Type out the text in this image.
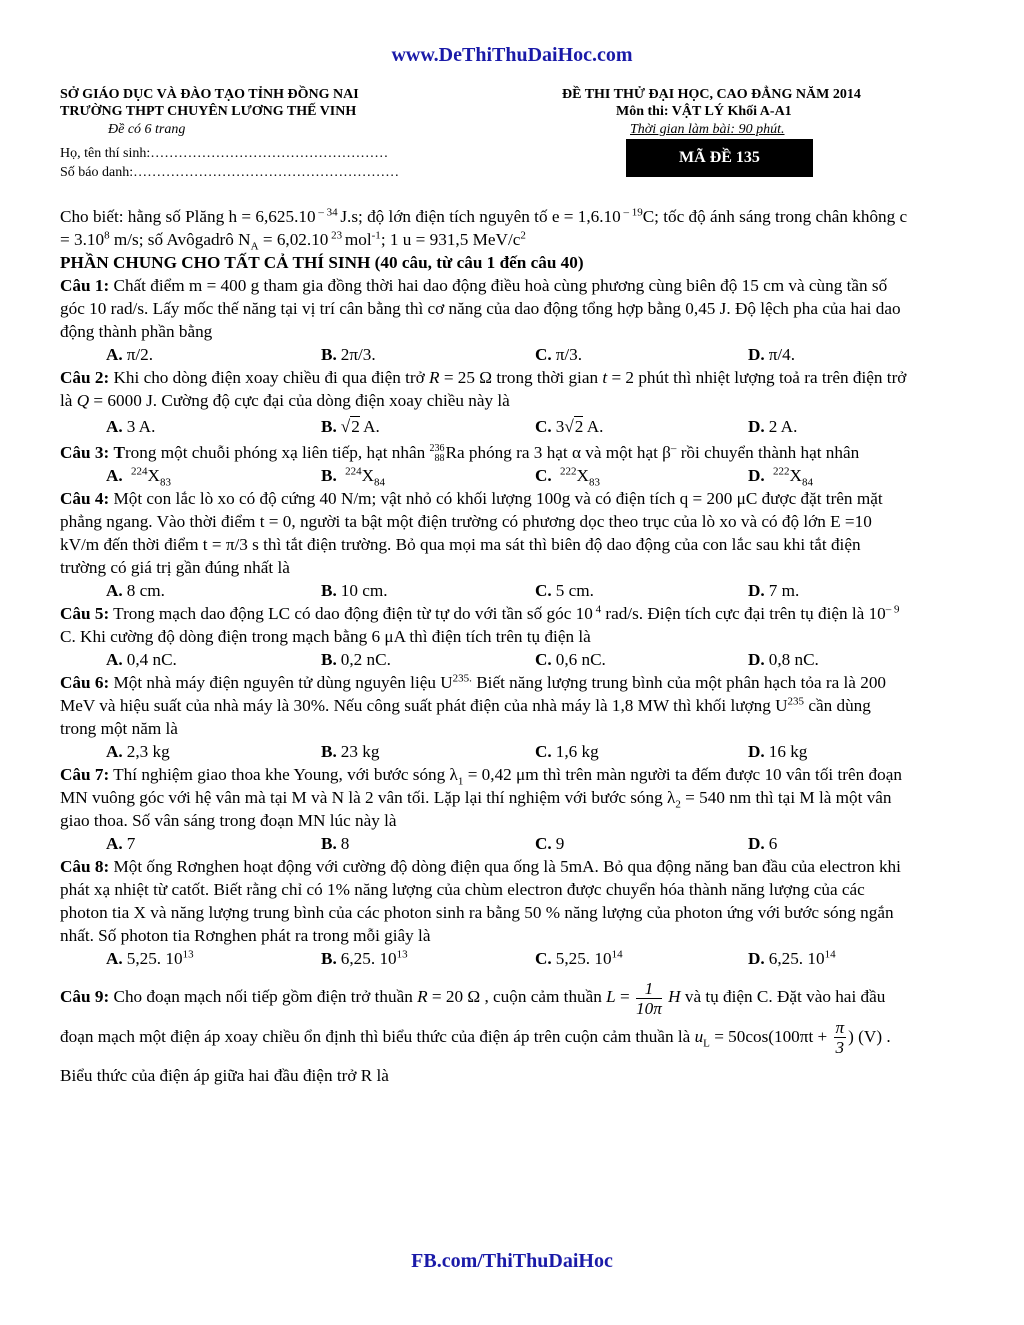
www.DeThiThuDaiHoc.com
SỞ GIÁO DỤC VÀ ĐÀO TẠO TỈNH ĐỒNG NAI
TRƯỜNG THPT CHUYÊN LƯƠNG THẾ VINH
Đề có 6 trang
Họ, tên thí sinh:……………………………………………
Số báo danh:…………………………………………………
ĐỀ THI THỬ ĐẠI HỌC, CAO ĐẲNG NĂM 2014
Môn thi: VẬT LÝ Khối A-A1
Thời gian làm bài: 90 phút.
MÃ ĐỀ 135

Cho biết: hằng số Plăng h = 6,625.10 $^{- 34}$ J.s; độ lớn điện tích nguyên tố e = 1,6.10 $^{- 19}$C; tốc độ ánh sáng trong chân không $c = 3.10^8$ m/s; số Avôgadrô $N_A = 6,02.10$ $^{23}$ mol$^{-1}$; 1 u = 931,5 MeV/$c^2$

PHẦN CHUNG CHO TẤT CẢ THÍ SINH (40 câu, từ câu 1 đến câu 40)

Câu 1: Chất điểm m = 400 g tham gia đồng thời hai dao động điều hoà cùng phương cùng biên độ 15 cm và cùng tần số góc 10 rad/s. Lấy mốc thế năng tại vị trí cân bằng thì cơ năng của dao động tổng hợp bằng 0,45 J. Độ lệch pha của hai dao động thành phần bằng

A. π/2.	B. 2π/3.	C. π/3.	D. π/4.

Câu 2: Khi cho dòng điện xoay chiều đi qua điện trở R = 25 Ω trong thời gian t = 2 phút thì nhiệt lượng toả ra trên điện trở là Q = 6000 J. Cường độ cực đại của dòng điện xoay chiều này là

A. 3 A.	B. √2 A.	C. 3√2 A.	D. 2 A.

Câu 3: Trong một chuỗi phóng xạ liên tiếp, hạt nhân 236
88Ra phóng ra 3 hạt α và một hạt β– rồi chuyển thành hạt nhân

A. $^{224}X_{83}$	B. $^{224}X_{84}$	C. $^{222}X_{83}$	D. $^{222}X_{84}$

Câu 4: Một con lắc lò xo có độ cứng 40 N/m; vật nhỏ có khối lượng 100g và có điện tích q = 200 μC được đặt trên mặt phẳng ngang. Vào thời điểm t = 0, người ta bật một điện trường có phương dọc theo trục của lò xo và có độ lớn E =10 kV/m đến thời điểm t = π/3 s thì tắt điện trường. Bỏ qua mọi ma sát thì biên độ dao động của con lắc sau khi tắt điện trường có giá trị gần đúng nhất là

A. 8 cm.	B. 10 cm.	C. 5 cm.	D. 7 m.

Câu 5: Trong mạch dao động LC có dao động điện từ tự do với tần số góc 10 $^4$ rad/s. Điện tích cực đại trên tụ điện là $10^{- 9}$ C. Khi cường độ dòng điện trong mạch bằng 6 μA thì điện tích trên tụ điện là

A. 0,4 nC.	B. 0,2 nC.	C. 0,6 nC.	D. 0,8 nC.

Câu 6: Một nhà máy điện nguyên tử dùng nguyên liệu $U^{235.}$ Biết năng lượng trung bình của một phân hạch tỏa ra là 200 MeV và hiệu suất của nhà máy là 30%. Nếu công suất phát điện của nhà máy là 1,8 MW thì khối lượng $U^{235}$ cần dùng trong một năm là

A. 2,3 kg	B. 23 kg	C. 1,6 kg	D. 16 kg

Câu 7: Thí nghiệm giao thoa khe Young, với bước sóng $\lambda_1 = 0,42$ μm thì trên màn người ta đếm được 10 vân tối trên đoạn MN vuông góc với hệ vân mà tại M và N là 2 vân tối. Lặp lại thí nghiệm với bước sóng $\lambda_2 = 540$ nm thì tại M là một vân giao thoa. Số vân sáng trong đoạn MN lúc này là

A. 7	B. 8	C. 9	D. 6

Câu 8: Một ống Rơnghen hoạt động với cường độ dòng điện qua ống là 5mA. Bỏ qua động năng ban đầu của electron khi phát xạ nhiệt từ catốt. Biết rằng chỉ có 1% năng lượng của chùm electron được chuyển hóa thành năng lượng của các photon tia X và năng lượng trung bình của các photon sinh ra bằng 50 % năng lượng của photon ứng với bước sóng ngắn nhất. Số photon tia Rơnghen phát ra trong mỗi giây là

A. 5,25. $10^{13}$	B. 6,25. $10^{13}$	C. 5,25. $10^{14}$	D. 6,25. $10^{14}$

Câu 9: Cho đoạn mạch nối tiếp gồm điện trở thuần R = 20 Ω , cuộn cảm thuần $L = \frac{1}{10\pi}$ H và tụ điện C. Đặt vào hai đầu đoạn mạch một điện áp xoay chiều ổn định thì biểu thức của điện áp trên cuộn cảm thuần là $u_L = 50\cos(100\pi t + \frac{\pi}{3}$ ) (V) . Biểu thức của điện áp giữa hai đầu điện trở R là

FB.com/ThiThuDaiHoc
